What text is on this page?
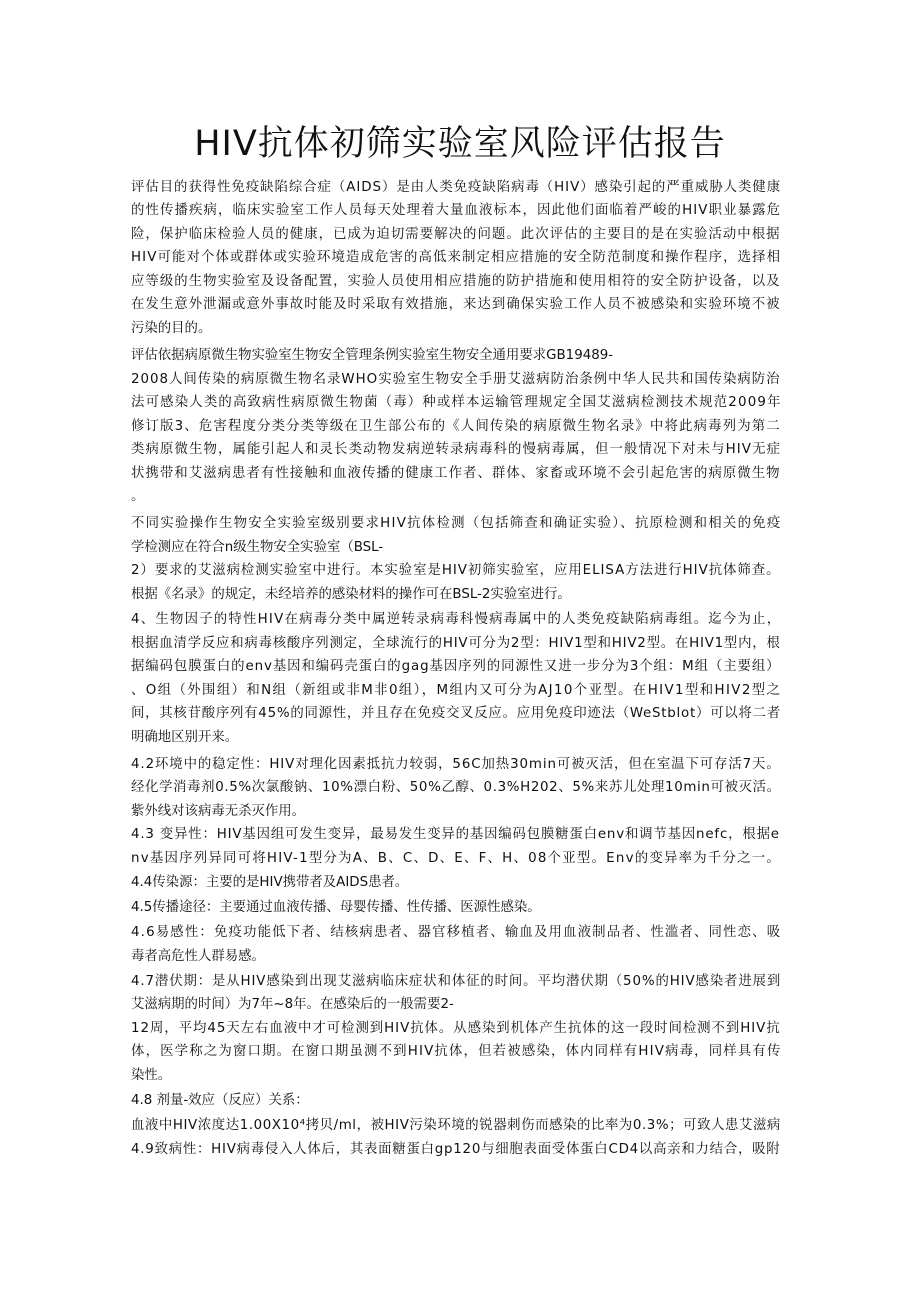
HIV抗体初筛实验室风险评估报告
评估目的获得性免疫缺陷综合症（AIDS）是由人类免疫缺陷病毒（HIV）感染引起的严重威胁人类健康
的性传播疾病，临床实验室工作人员每天处理着大量血液标本，因此他们面临着严峻的HIV职业暴露危
险，保护临床检验人员的健康，已成为迫切需要解决的问题。此次评估的主要目的是在实验活动中根据
HIV可能对个体或群体或实验环境造成危害的高低来制定相应措施的安全防范制度和操作程序，选择相
应等级的生物实验室及设备配置，实验人员使用相应措施的防护措施和使用相符的安全防护设备，以及
在发生意外泄漏或意外事故时能及时采取有效措施，来达到确保实验工作人员不被感染和实验环境不被
污染的目的。
评估依据病原微生物实验室生物安全管理条例实验室生物安全通用要求GB19489-
2008人间传染的病原微生物名录WHO实验室生物安全手册艾滋病防治条例中华人民共和国传染病防治
法可感染人类的高致病性病原微生物菌（毒）种或样本运输管理规定全国艾滋病检测技术规范2009年
修订版3、危害程度分类分类等级在卫生部公布的《人间传染的病原微生物名录》中将此病毒列为第二
类病原微生物，属能引起人和灵长类动物发病逆转录病毒科的慢病毒属，但一般情况下对未与HIV无症
状携带和艾滋病患者有性接触和血液传播的健康工作者、群体、家畜或环境不会引起危害的病原微生物
。
不同实验操作生物安全实验室级别要求HIV抗体检测（包括筛查和确证实验）、抗原检测和相关的免疫
学检测应在符合n级生物安全实验室（BSL-
2）要求的艾滋病检测实验室中进行。本实验室是HIV初筛实验室，应用ELISA方法进行HIV抗体筛查。
根据《名录》的规定，未经培养的感染材料的操作可在BSL-2实验室进行。
4、生物因子的特性HIV在病毒分类中属逆转录病毒科慢病毒属中的人类免疫缺陷病毒组。迄今为止，
根据血清学反应和病毒核酸序列测定，全球流行的HIV可分为2型：HIV1型和HIV2型。在HIV1型内，根
据编码包膜蛋白的env基因和编码壳蛋白的gag基因序列的同源性又进一步分为3个组：M组（主要组）
、O组（外围组）和N组（新组或非M非0组），M组内又可分为AJ10个亚型。在HIV1型和HIV2型之
间，其核苷酸序列有45%的同源性，并且存在免疫交叉反应。应用免疫印迹法（WeStblot）可以将二者
明确地区别开来。
4.2环境中的稳定性：HIV对理化因素抵抗力较弱，56C加热30min可被灭活，但在室温下可存活7天。
经化学消毒剂0.5%次氯酸钠、10%漂白粉、50%乙醇、0.3%H202、5%来苏儿处理10min可被灭活。
紫外线对该病毒无杀灭作用。
4.3 变异性：HIV基因组可发生变异，最易发生变异的基因编码包膜糖蛋白env和调节基因nefc，根据e
nv基因序列异同可将HIV-1型分为A、B、C、D、E、F、H、08个亚型。Env的变异率为千分之一。
4.4传染源：主要的是HIV携带者及AIDS患者。
4.5传播途径：主要通过血液传播、母婴传播、性传播、医源性感染。
4.6易感性：免疫功能低下者、结核病患者、器官移植者、输血及用血液制品者、性滥者、同性恋、吸
毒者高危性人群易感。
4.7潜伏期：是从HIV感染到出现艾滋病临床症状和体征的时间。平均潜伏期（50%的HIV感染者进展到
艾滋病期的时间）为7年~8年。在感染后的一般需要2-
12周，平均45天左右血液中才可检测到HIV抗体。从感染到机体产生抗体的这一段时间检测不到HIV抗
体，医学称之为窗口期。在窗口期虽测不到HIV抗体，但若被感染，体内同样有HIV病毒，同样具有传
染性。
4.8 剂量-效应（反应）关系：
血液中HIV浓度达1.00X10⁴拷贝/ml，被HIV污染环境的锐器刺伤而感染的比率为0.3%；可致人患艾滋病
4.9致病性：HIV病毒侵入人体后，其表面糖蛋白gp120与细胞表面受体蛋白CD4以高亲和力结合，吸附
